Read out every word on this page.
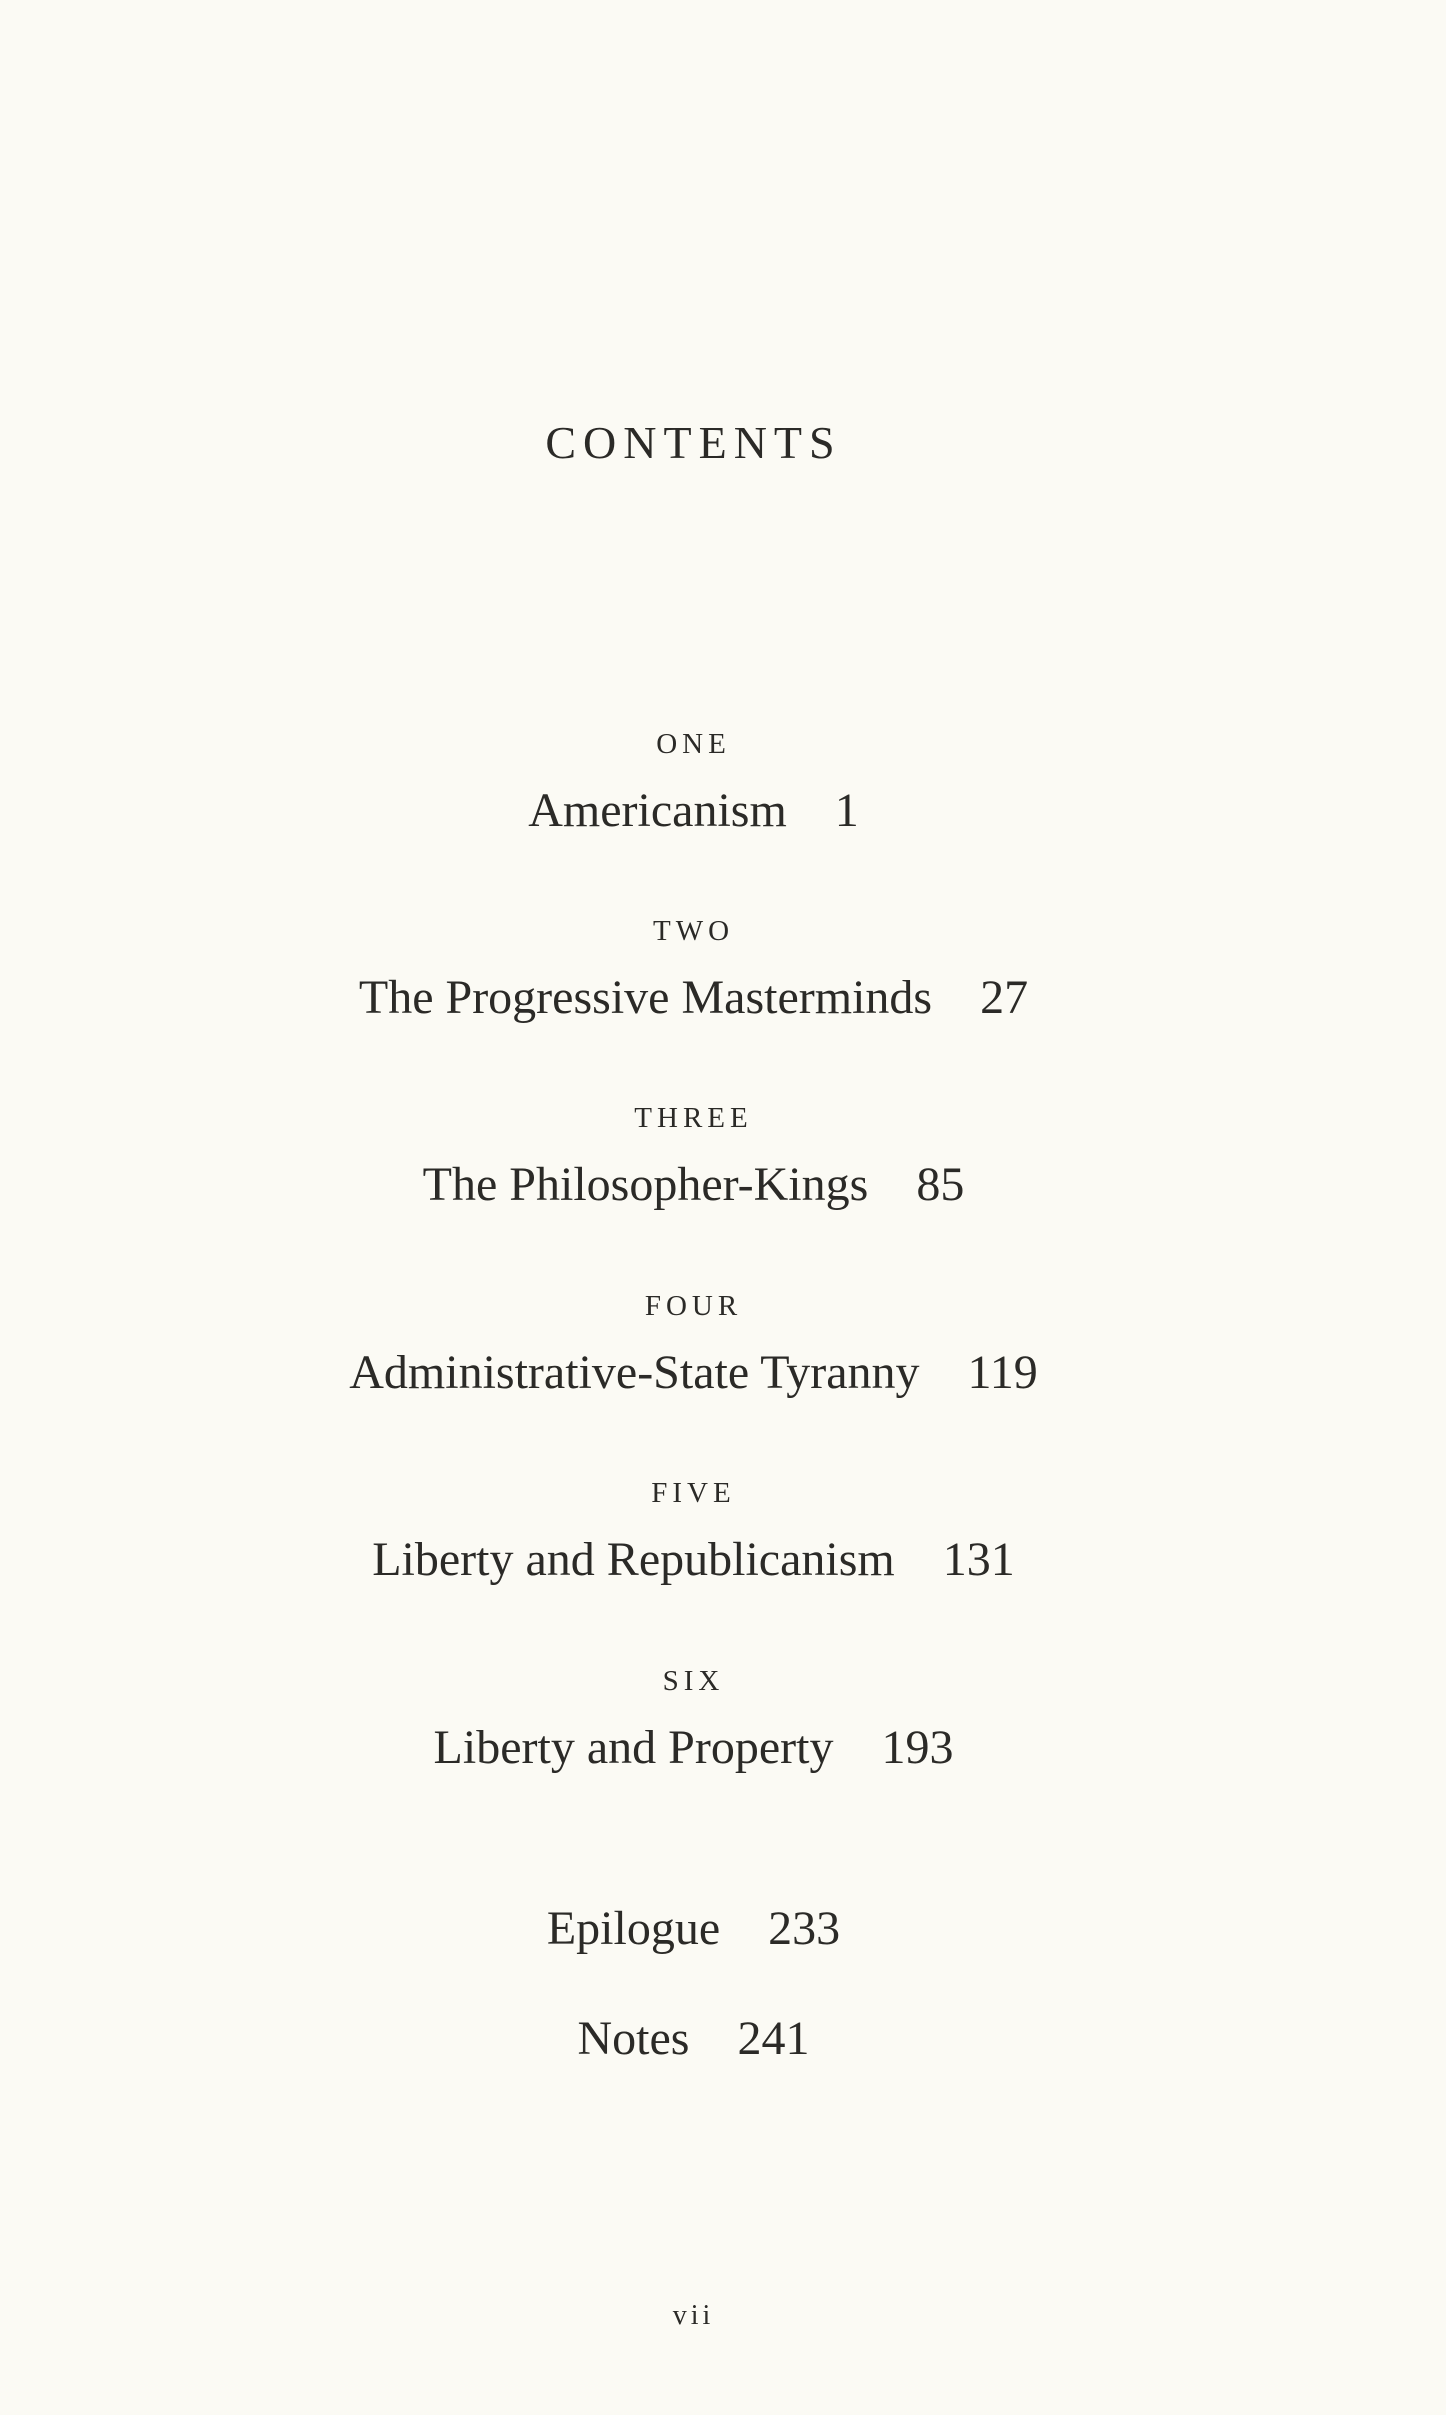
CONTENTS
ONE
Americanism 1
TWO
The Progressive Masterminds 27
THREE
The Philosopher-Kings 85
FOUR
Administrative-State Tyranny 119
FIVE
Liberty and Republicanism 131
SIX
Liberty and Property 193
Epilogue 233
Notes 241
vii
